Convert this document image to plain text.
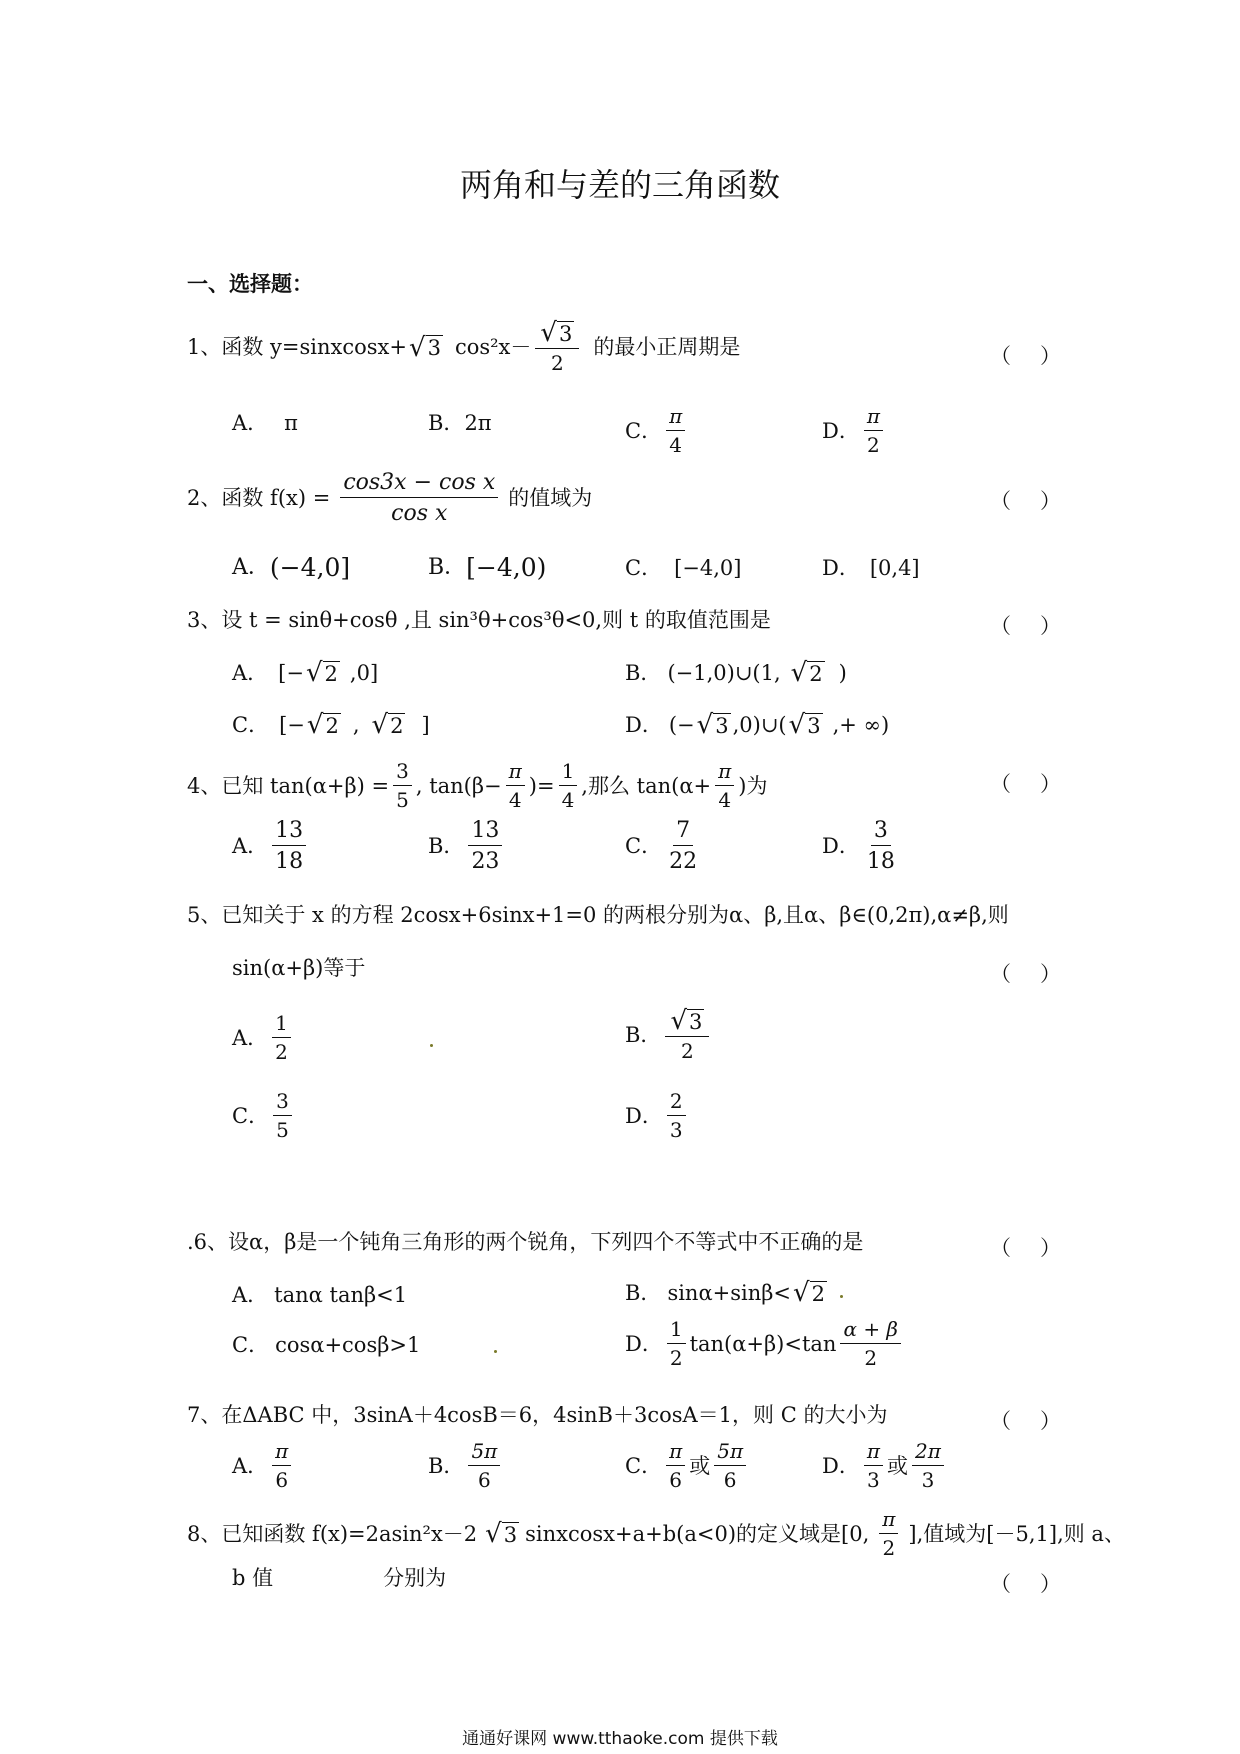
两角和与差的三角函数
一、选择题：
1、 函数 y=sinxcosx+ √ 3 $\cos^2x- \frac{√ 3}{2}$ 的最小正周期是	（ ）
A． π	B． 2π	C． $\frac{\pi}{4}$	D． $\frac{\pi}{2}$
2、 函数 $f(x) = \frac{\text{cos3x − cos x}}{\text{cos x}}$ 的值域为	（ ）
A． (−4,0]	B． [−4,0)	C． [−4,0]	D． [0,4]
3、 设 t = sinθ+cosθ ,且 sin³θ+cos³θ<0,则 t 的取值范围是	（ ）
A． [− √ 2 ,0]	B． (−1,0)∪(1, √ 2 )
C． [− √ 2 , √ 2 ]	D． (− √ 3 ,0)∪( √ 3 ,+ ∞)
4、 已知 $\tan(\alpha+\beta) = \frac{3}{5}$ , $\tan(\beta- \frac{\pi}{4}$ )= $\frac{1}{4}$ ,那么 $\tan(\alpha+ \frac{\pi}{4}$ )为	（ ）
A． $\frac{13}{18}$	B． $\frac{13}{23}$	C． $\frac{7}{22}$	D． $\frac{3}{18}$
5、 已知关于 x 的方程 2cosx+6sinx+1=0 的两根分别为α、β,且α、β∈(0,2π),α≠β,则
sin(α+β)等于	（ ）
A． $\frac{1}{2}$	B． $\frac{√ 3}{2}$
C． $\frac{3}{5}$	D． $\frac{2}{3}$
.6、 设α，β是一个钝角三角形的两个锐角，下列四个不等式中不正确的是	（ ）
A． tanα tanβ<1	B． sinα+sinβ< √ 2
C． cosα+cosβ>1	D． $\frac{1}{2} \tan(\alpha+\beta)<\tan \frac{\alpha + \beta}{2}$
7、 在ΔABC 中，3sinA＋4cosB＝6，4sinB＋3cosA＝1，则 C 的大小为	（ ）
A． $\frac{\pi}{6}$	B． $\frac{5\pi}{6}$	C． $\frac{\pi}{6}$ 或 $\frac{5\pi}{6}$	D． $\frac{\pi}{3}$ 或 $\frac{2\pi}{3}$
8、 已知函数 f(x)=2asin²x－2 √ 3 sinxcosx+a+b(a<0)的定义域是[0, $\frac{\pi}{2}$ ],值域为[－5,1],则 a、
b 值	分别为	（ ）
通通好课网 www.tthaoke.com 提供下载
